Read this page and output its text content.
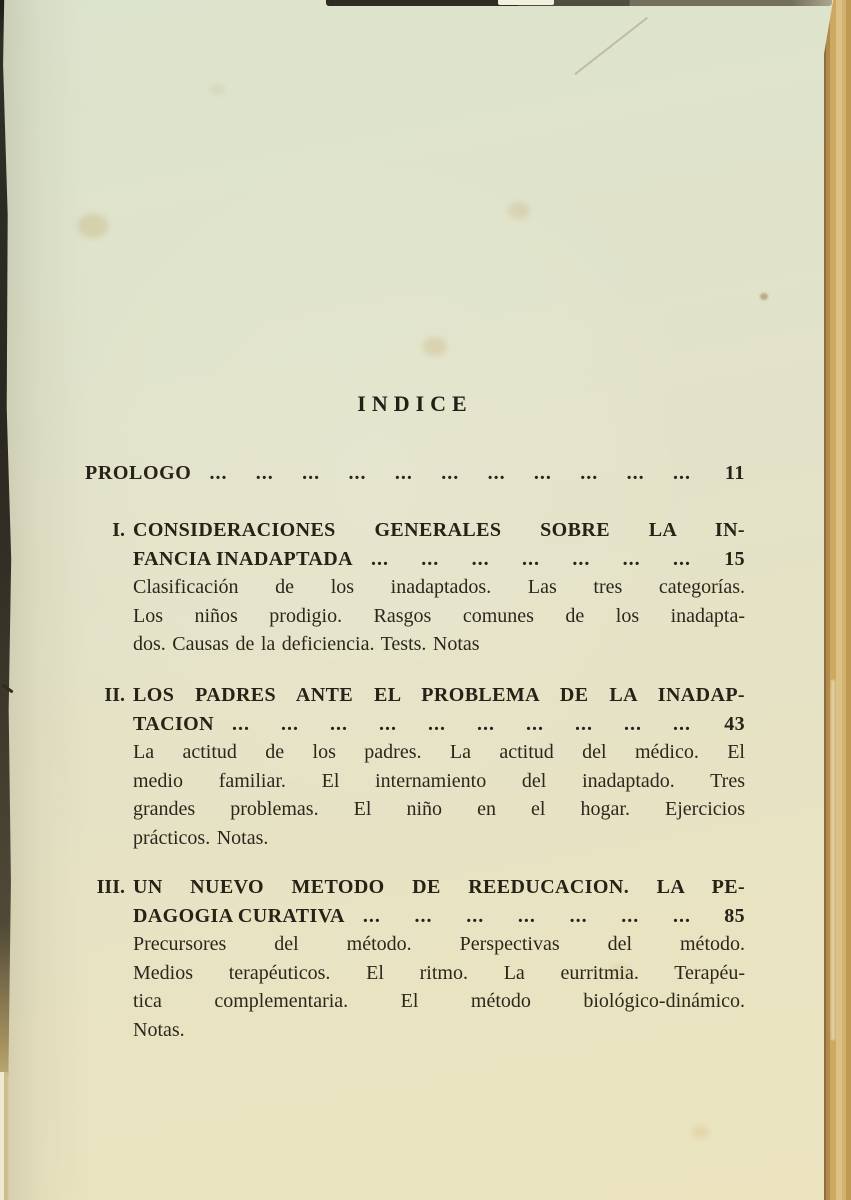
INDICE
PROLOGO ... ... ... ... ... ... ... ... ... ... ...	11
I. CONSIDERACIONES GENERALES SOBRE LA IN-
FANCIA INADAPTADA ... ... ... ... ... ... ...	15
Clasificación de los inadaptados. Las tres categorías.
Los niños prodigio. Rasgos comunes de los inadapta-
dos. Causas de la deficiencia. Tests. Notas
II. LOS PADRES ANTE EL PROBLEMA DE LA INADAP-
TACION ... ... ... ... ... ... ... ... ... ...	43
La actitud de los padres. La actitud del médico. El
medio familiar. El internamiento del inadaptado. Tres
grandes problemas. El niño en el hogar. Ejercicios
prácticos. Notas.
III. UN NUEVO METODO DE REEDUCACION. LA PE-
DAGOGIA CURATIVA ... ... ... ... ... ... ...	85
Precursores del método. Perspectivas del método.
Medios terapéuticos. El ritmo. La eurritmia. Terapéu-
tica complementaria. El método biológico-dinámico.
Notas.
